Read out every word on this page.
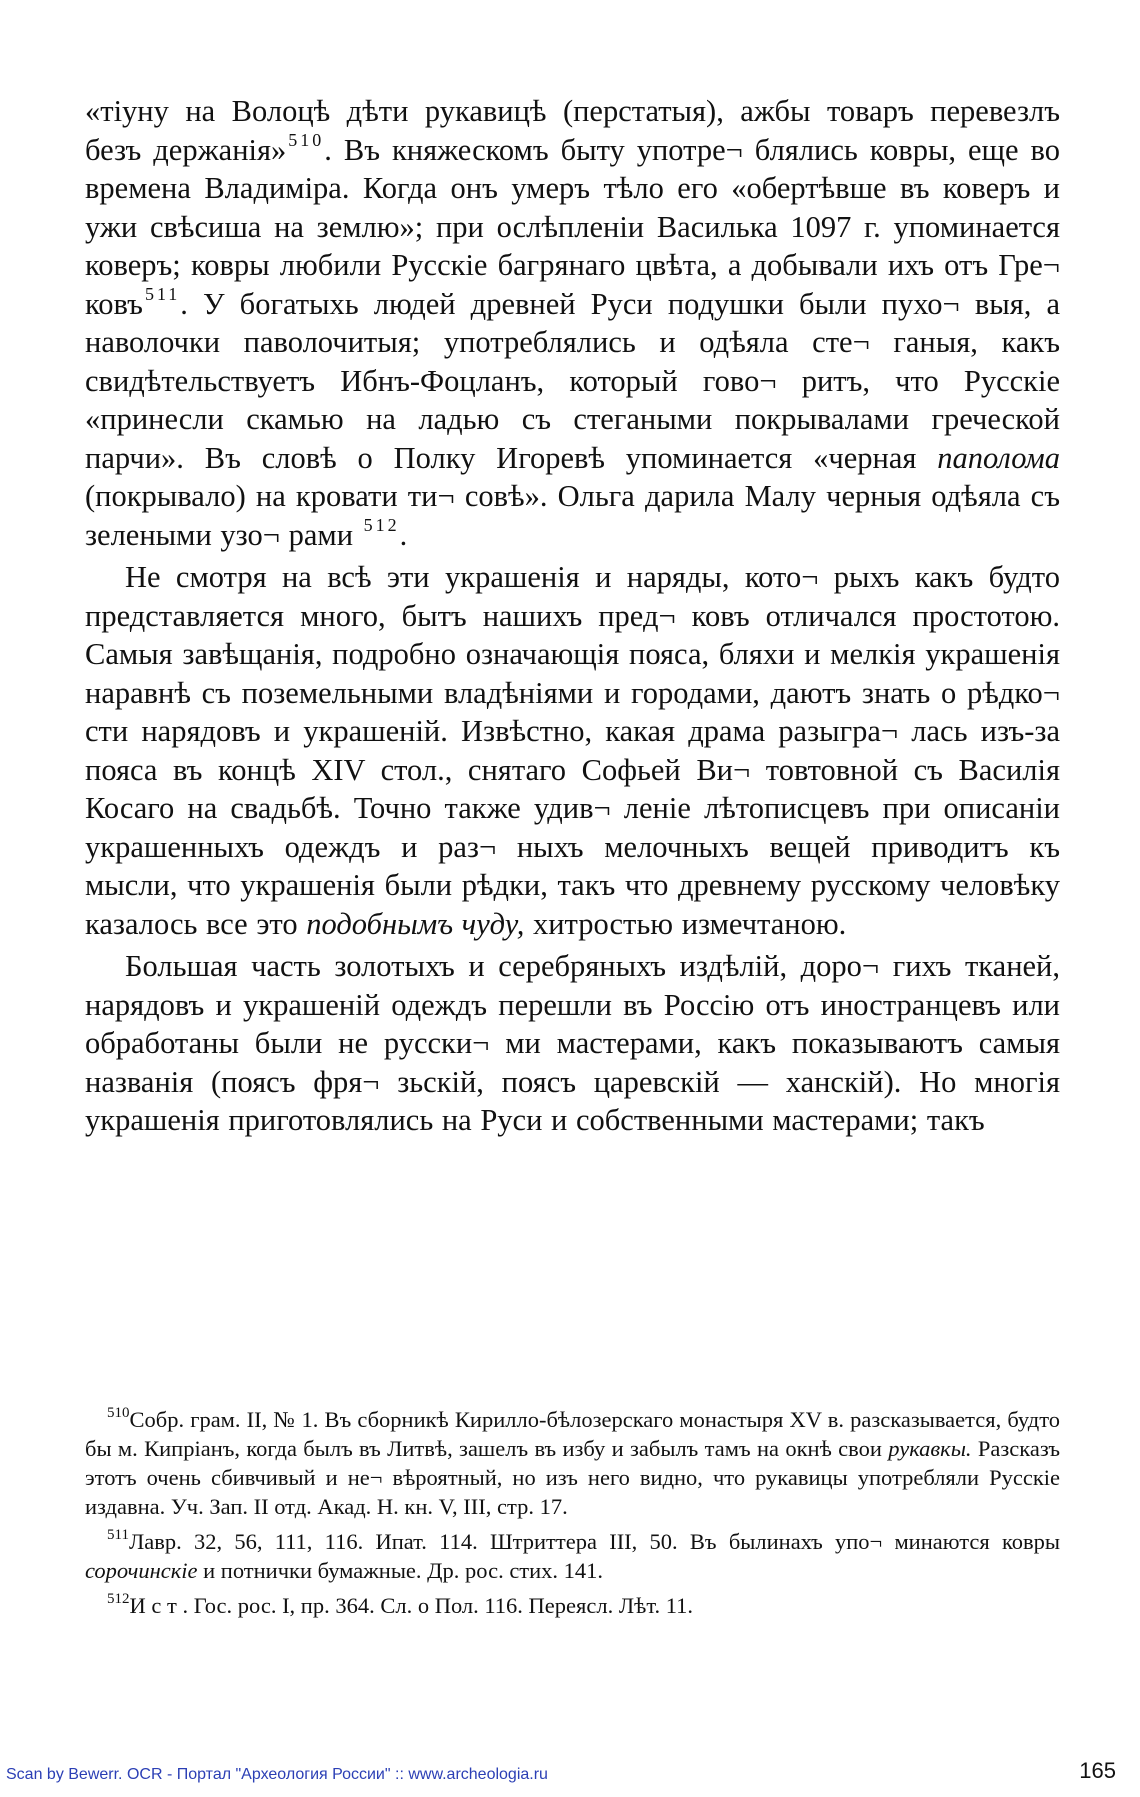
«тіуну на Волоцѣ дѣти рукавицѣ (перстатыя), ажбы товаръ перевезлъ безъ держанія» $^{510}$. Въ княжескомъ быту употре¬ блялись ковры, еще во времена Владиміра. Когда онъ умеръ тѣло его «обертѣвше въ коверъ и ужи свѣсиша на землю»; при ослѣпленіи Василька 1097 г. упоминается коверъ; ковры любили Русскіе багрянаго цвѣта, а добывали ихъ отъ Гре¬ ковъ $^{511}$. У богатыхь людей древней Руси подушки были пухо¬ выя, а наволочки паволочитыя; употреблялись и одѣяла сте¬ ганыя, какъ свидѣтельствуетъ Ибнъ-Фоцланъ, который гово¬ ритъ, что Русскіе «принесли скамью на ладью съ стегаными покрывалами греческой парчи». Въ словѣ о Полку Игоревѣ упоминается «черная паполома (покрывало) на кровати ти¬ совѣ». Ольга дарила Малу черныя одѣяла съ зелеными узо¬ рами $^{512}$.

Не смотря на всѣ эти украшенія и наряды, кото¬ рыхъ какъ будто представляется много, бытъ нашихъ пред¬ ковъ отличался простотою. Самыя завѣщанія, подробно означающія пояса, бляхи и мелкія украшенія наравнѣ съ поземельными владѣніями и городами, даютъ знать о рѣдко¬ сти нарядовъ и украшеній. Извѣстно, какая драма разыгра¬ лась изъ-за пояса въ концѣ XIV стол., снятаго Софьей Ви¬ товтовной съ Василія Косаго на свадьбѣ. Точно также удив¬ леніе лѣтописцевъ при описаніи украшенныхъ одеждъ и раз¬ ныхъ мелочныхъ вещей приводитъ къ мысли, что украшенія были рѣдки, такъ что древнему русскому человѣку казалось все это подобнымъ чуду, хитростью измечтаною.

Большая часть золотыхъ и серебряныхъ издѣлій, доро¬ гихъ тканей, нарядовъ и украшеній одеждъ перешли въ Россію отъ иностранцевъ или обработаны были не русски¬ ми мастерами, какъ показываютъ самыя названія (поясъ фря¬ зьскій, поясъ царевскій — ханскій). Но многія украшенія приготовлялись на Руси и собственными мастерами; такъ

$^{510}$Собр. грам. II, № 1. Въ сборникѣ Кирилло-бѣлозерскаго монастыря XV в. разсказывается, будто бы м. Кипріанъ, когда былъ въ Литвѣ, зашелъ въ избу и забылъ тамъ на окнѣ свои рукавкы. Разсказъ этотъ очень сбивчивый и не¬ вѣроятный, но изъ него видно, что рукавицы употребляли Русскіе издавна. Уч. Зап. II отд. Акад. Н. кн. V, III, стр. 17.

$^{511}$Лавр. 32, 56, 111, 116. Ипат. 114. Штриттера III, 50. Въ былинахъ упо¬ минаются ковры сорочинскіе и потнички бумажные. Др. рос. стих. 141.

$^{512}$И с т . Гос. рос. I, пр. 364. Сл. о Пол. 116. Переясл. Лѣт. 11.

Scan by Bewerr. OCR - Портал "Археология России" :: www.archeologia.ru	165
